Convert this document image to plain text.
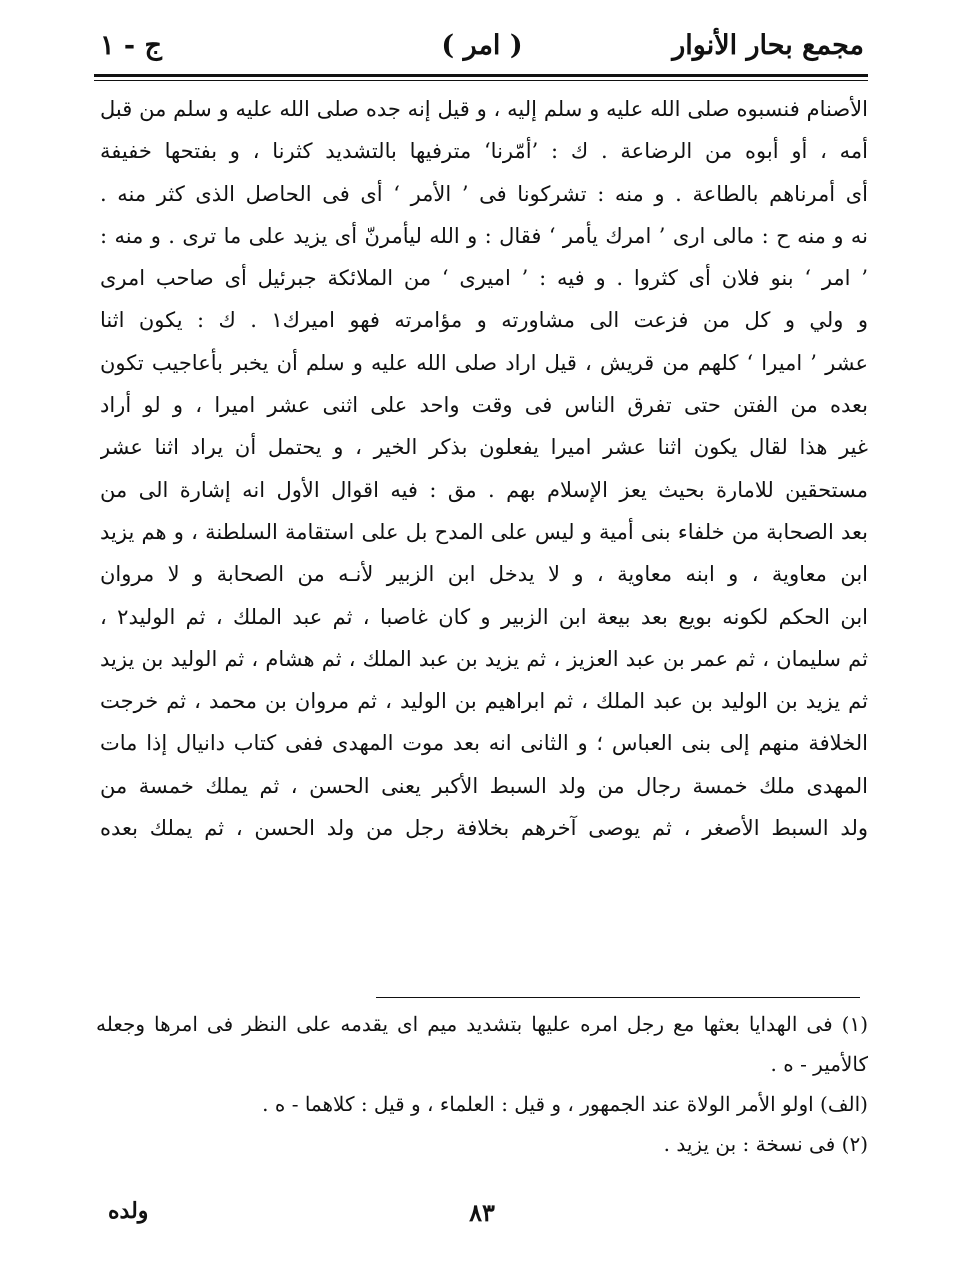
مجمع بحار الأنوار
( امر )
ج - ١
الأصنام فنسبوه صلى الله عليه و سلم إليه ، و قيل إنه جده صلى الله عليه و سلم من قبل
أمه ، أو أبوه من الرضاعة . ك : ’أمّرنا‘ مترفيها بالتشديد كثرنا ، و بفتحها خفيفة
أى أمرناهم بالطاعة . و منه : تشركونا فى ’ الأمر ‘ أى فى الحاصل الذى كثر منه .
نه و منه ح : مالى ارى ’ امرك يأمر ‘ فقال : و الله ليأمرنّ أى يزيد على ما ترى . و منه :
’ امر ‘ بنو فلان أى كثروا . و فيه : ’ اميرى ‘ من الملائكة جبرئيل أى صاحب امرى
و ولي و كل من فزعت الى مشاورته و مؤامرته فهو اميرك١ . ك : يكون اثنا
عشر ’ اميرا ‘ كلهم من قريش ، قيل اراد صلى الله عليه و سلم أن يخبر بأعاجيب تكون
بعده من الفتن حتى تفرق الناس فى وقت واحد على اثنى عشر اميرا ، و لو أراد
غير هذا لقال يكون اثنا عشر اميرا يفعلون بذكر الخير ، و يحتمل أن يراد اثنا عشر
مستحقين للامارة بحيث يعز الإسلام بهم . مق : فيه اقوال الأول انه إشارة الى من
بعد الصحابة من خلفاء بنى أمية و ليس على المدح بل على استقامة السلطنة ، و هم يزيد
ابن معاوية ، و ابنه معاوية ، و لا يدخل ابن الزبير لأنـه من الصحابة و لا مروان
ابن الحكم لكونه بويع بعد بيعة ابن الزبير و كان غاصبا ، ثم عبد الملك ، ثم الوليد٢ ،
ثم سليمان ، ثم عمر بن عبد العزيز ، ثم يزيد بن عبد الملك ، ثم هشام ، ثم الوليد بن يزيد
ثم يزيد بن الوليد بن عبد الملك ، ثم ابراهيم بن الوليد ، ثم مروان بن محمد ، ثم خرجت
الخلافة منهم إلى بنى العباس ؛ و الثانى انه بعد موت المهدى ففى كتاب دانيال إذا مات
المهدى ملك خمسة رجال من ولد السبط الأكبر يعنى الحسن ، ثم يملك خمسة من
ولد السبط الأصغر ، ثم يوصى آخرهم بخلافة رجل من ولد الحسن ، ثم يملك بعده
(١) فى الهدايا بعثها مع رجل امره عليها بتشديد ميم اى يقدمه على النظر فى امرها وجعله
كالأمير - ه .
(الف) اولو الأمر الولاة عند الجمهور ، و قيل : العلماء ، و قيل : كلاهما - ه .
(٢) فى نسخة : بن يزيد .
٨٣
ولده
